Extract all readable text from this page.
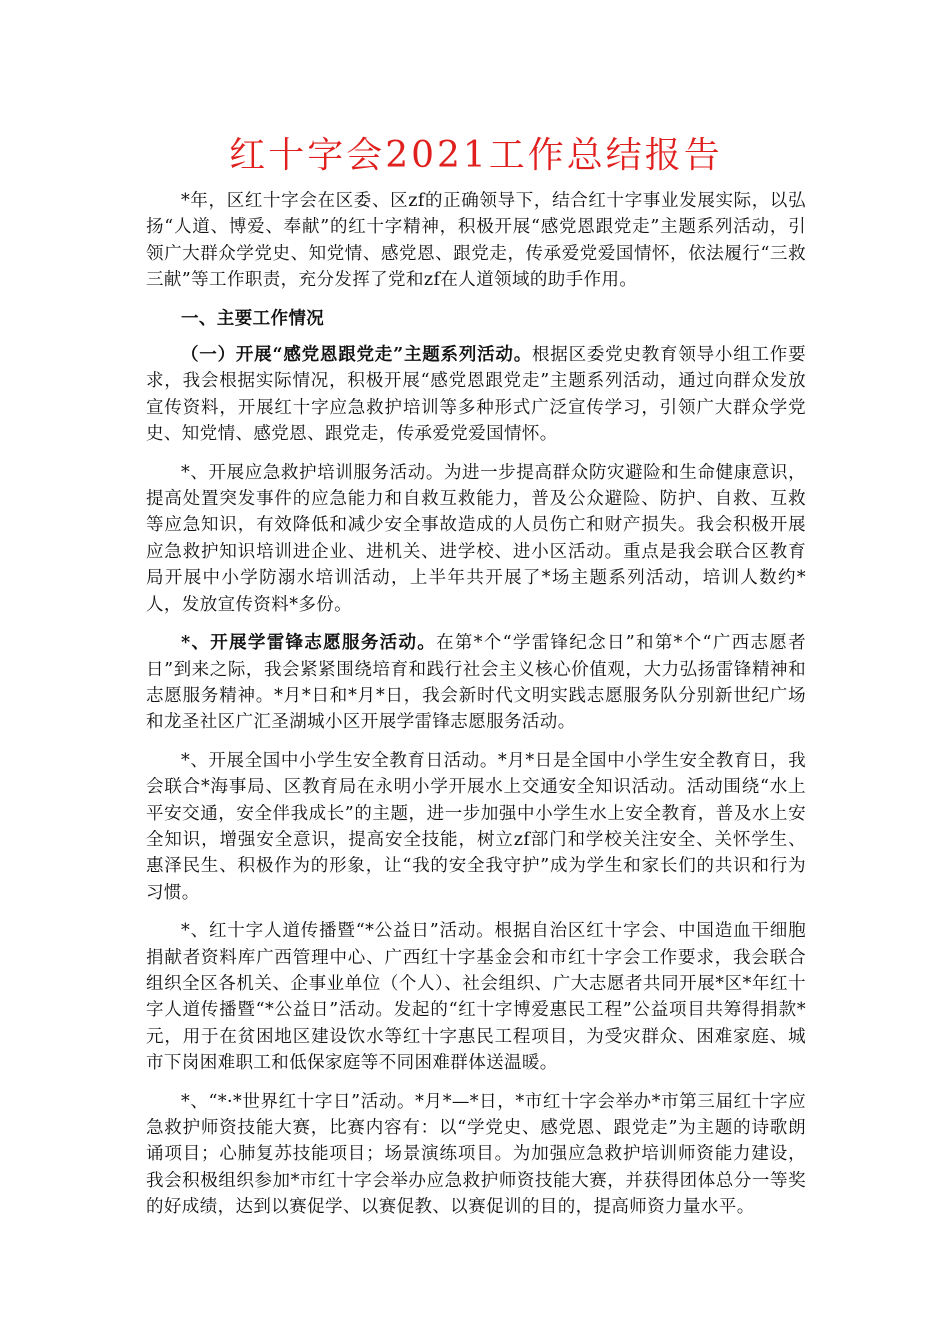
红十字会2021工作总结报告

*年，区红十字会在区委、区zf的正确领导下，结合红十字事业发展实际，以弘扬“人道、博爱、奉献”的红十字精神，积极开展“感党恩跟党走”主题系列活动，引领广大群众学党史、知党情、感党恩、跟党走，传承爱党爱国情怀，依法履行“三救三献”等工作职责，充分发挥了党和zf在人道领域的助手作用。

一、主要工作情况

（一）开展“感党恩跟党走”主题系列活动。根据区委党史教育领导小组工作要求，我会根据实际情况，积极开展“感党恩跟党走”主题系列活动，通过向群众发放宣传资料，开展红十字应急救护培训等多种形式广泛宣传学习，引领广大群众学党史、知党情、感党恩、跟党走，传承爱党爱国情怀。

*、开展应急救护培训服务活动。为进一步提高群众防灾避险和生命健康意识，提高处置突发事件的应急能力和自救互救能力，普及公众避险、防护、自救、互救等应急知识，有效降低和减少安全事故造成的人员伤亡和财产损失。我会积极开展应急救护知识培训进企业、进机关、进学校、进小区活动。重点是我会联合区教育局开展中小学防溺水培训活动，上半年共开展了*场主题系列活动，培训人数约*人，发放宣传资料*多份。

*、开展学雷锋志愿服务活动。在第*个“学雷锋纪念日”和第*个“广西志愿者日”到来之际，我会紧紧围绕培育和践行社会主义核心价值观，大力弘扬雷锋精神和志愿服务精神。*月*日和*月*日，我会新时代文明实践志愿服务队分别新世纪广场和龙圣社区广汇圣湖城小区开展学雷锋志愿服务活动。

*、开展全国中小学生安全教育日活动。*月*日是全国中小学生安全教育日，我会联合*海事局、区教育局在永明小学开展水上交通安全知识活动。活动围绕“水上平安交通，安全伴我成长”的主题，进一步加强中小学生水上安全教育，普及水上安全知识，增强安全意识，提高安全技能，树立zf部门和学校关注安全、关怀学生、惠泽民生、积极作为的形象，让“我的安全我守护”成为学生和家长们的共识和行为习惯。

*、红十字人道传播暨“*公益日”活动。根据自治区红十字会、中国造血干细胞捐献者资料库广西管理中心、广西红十字基金会和市红十字会工作要求，我会联合组织全区各机关、企事业单位（个人）、社会组织、广大志愿者共同开展*区*年红十字人道传播暨“*公益日”活动。发起的“红十字博爱惠民工程”公益项目共筹得捐款*元，用于在贫困地区建设饮水等红十字惠民工程项目，为受灾群众、困难家庭、城市下岗困难职工和低保家庭等不同困难群体送温暖。

*、“*·*世界红十字日”活动。*月*—*日，*市红十字会举办*市第三届红十字应急救护师资技能大赛，比赛内容有：以“学党史、感党恩、跟党走”为主题的诗歌朗诵项目；心肺复苏技能项目；场景演练项目。为加强应急救护培训师资能力建设，我会积极组织参加*市红十字会举办应急救护师资技能大赛，并获得团体总分一等奖的好成绩，达到以赛促学、以赛促教、以赛促训的目的，提高师资力量水平。
